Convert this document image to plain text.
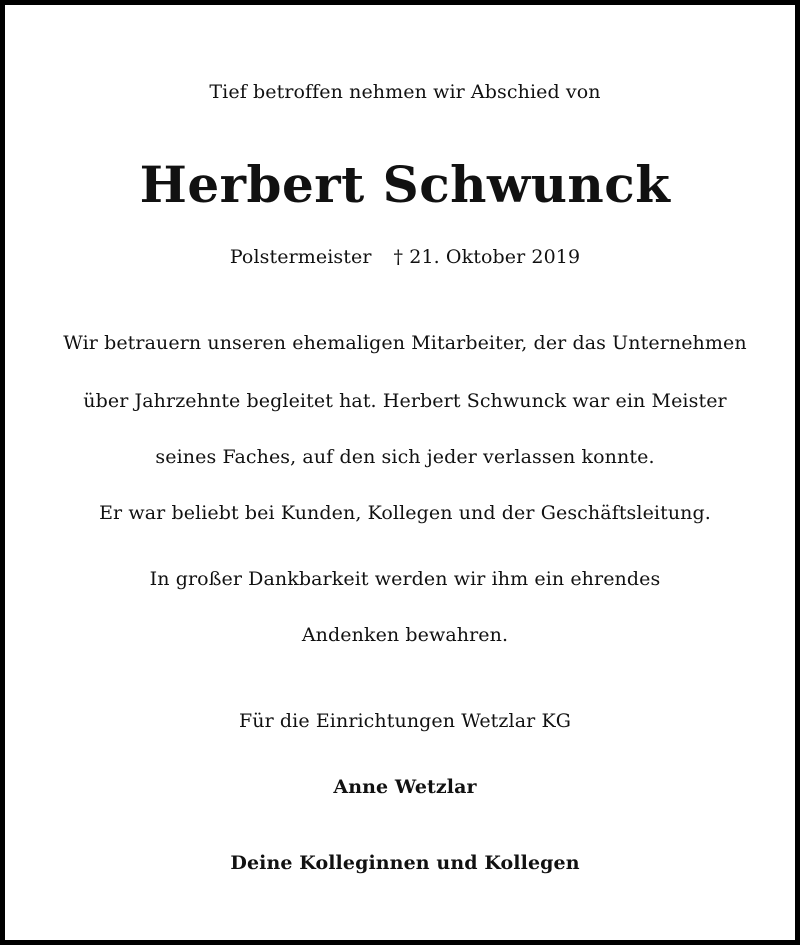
Tief betroffen nehmen wir Abschied von
Herbert Schwunck
Polstermeister † 21. Oktober 2019
Wir betrauern unseren ehemaligen Mitarbeiter, der das Unternehmen
über Jahrzehnte begleitet hat. Herbert Schwunck war ein Meister
seines Faches, auf den sich jeder verlassen konnte.
Er war beliebt bei Kunden, Kollegen und der Geschäftsleitung.
In großer Dankbarkeit werden wir ihm ein ehrendes
Andenken bewahren.
Für die Einrichtungen Wetzlar KG
Anne Wetzlar
Deine Kolleginnen und Kollegen
